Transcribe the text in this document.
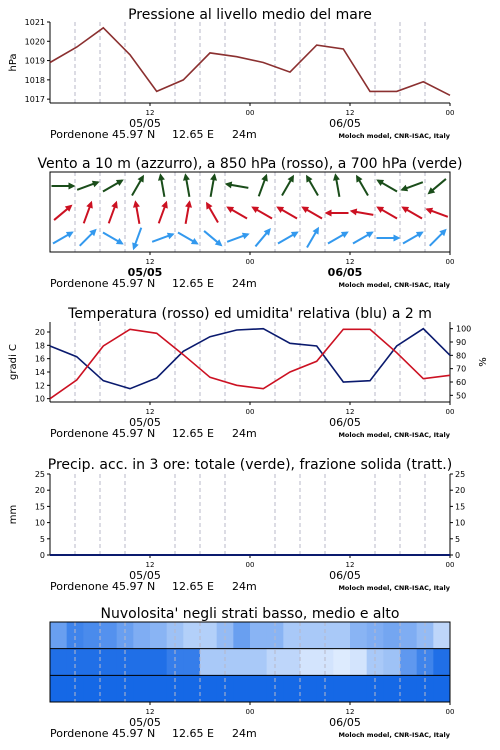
Pressione al livello medio del mare
12
05/05
00	12
06/05
00
Pordenone 45.97 N 12.65 E 24m	Moloch model, CNR-ISAC, Italy
1017
1018
1019
1020
1021
hPa
Vento a 10 m (azzurro), a 850 hPa (rosso), a 700 hPa (verde)
12
05/05
00	12
06/05
00
Pordenone 45.97 N 12.65 E 24m	Moloch model, CNR-ISAC, Italy
Temperatura (rosso) ed umidita' relativa (blu) a 2 m
12
05/05
00	12
06/05
00
Pordenone 45.97 N 12.65 E 24m	Moloch model, CNR-ISAC, Italy
10
12
14
16
18
20
50
60
70
80
90
100
gradi C	%
Precip. acc. in 3 ore: totale (verde), frazione solida (tratt.)
12
05/05
00	12
06/05
00
Pordenone 45.97 N 12.65 E 24m	Moloch model, CNR-ISAC, Italy
0
5
10
15
20
25
0
5
10
15
20
25
mm
Nuvolosita' negli strati basso, medio e alto
12
05/05
00	12
06/05
00
Pordenone 45.97 N 12.65 E 24m	Moloch model, CNR-ISAC, Italy
